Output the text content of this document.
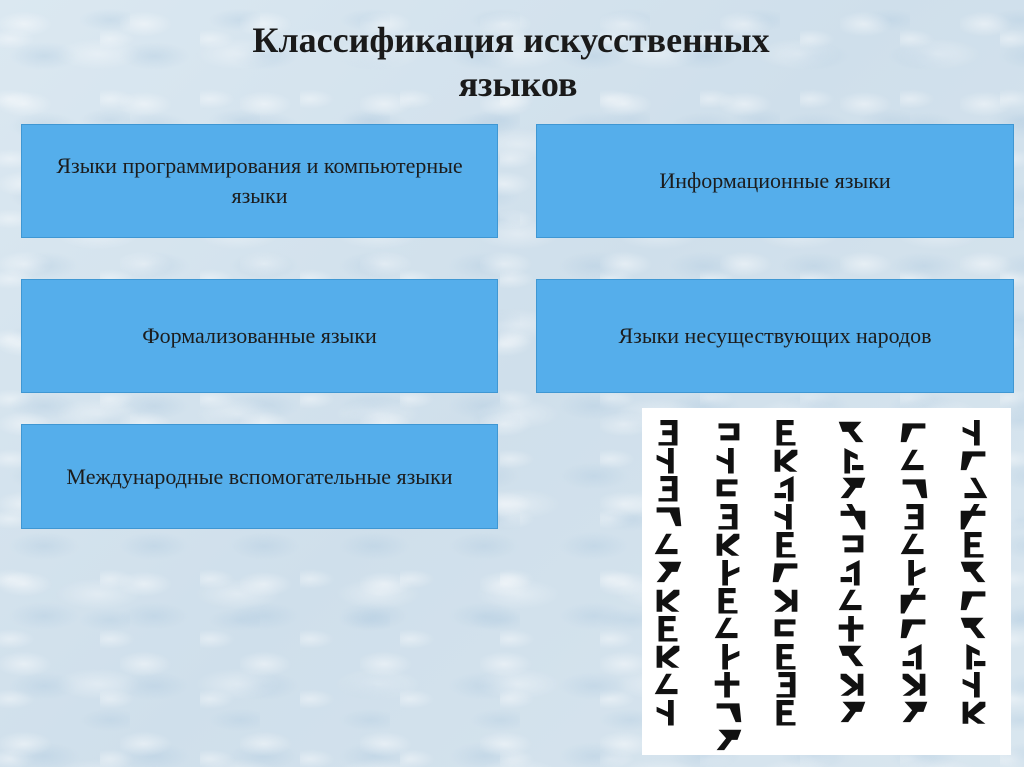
Классификация искусственных
языков
Языки программирования и компьютерные языки
Информационные языки
Формализованные языки	Языки несуществующих народов
Международные вспомогательные языки
